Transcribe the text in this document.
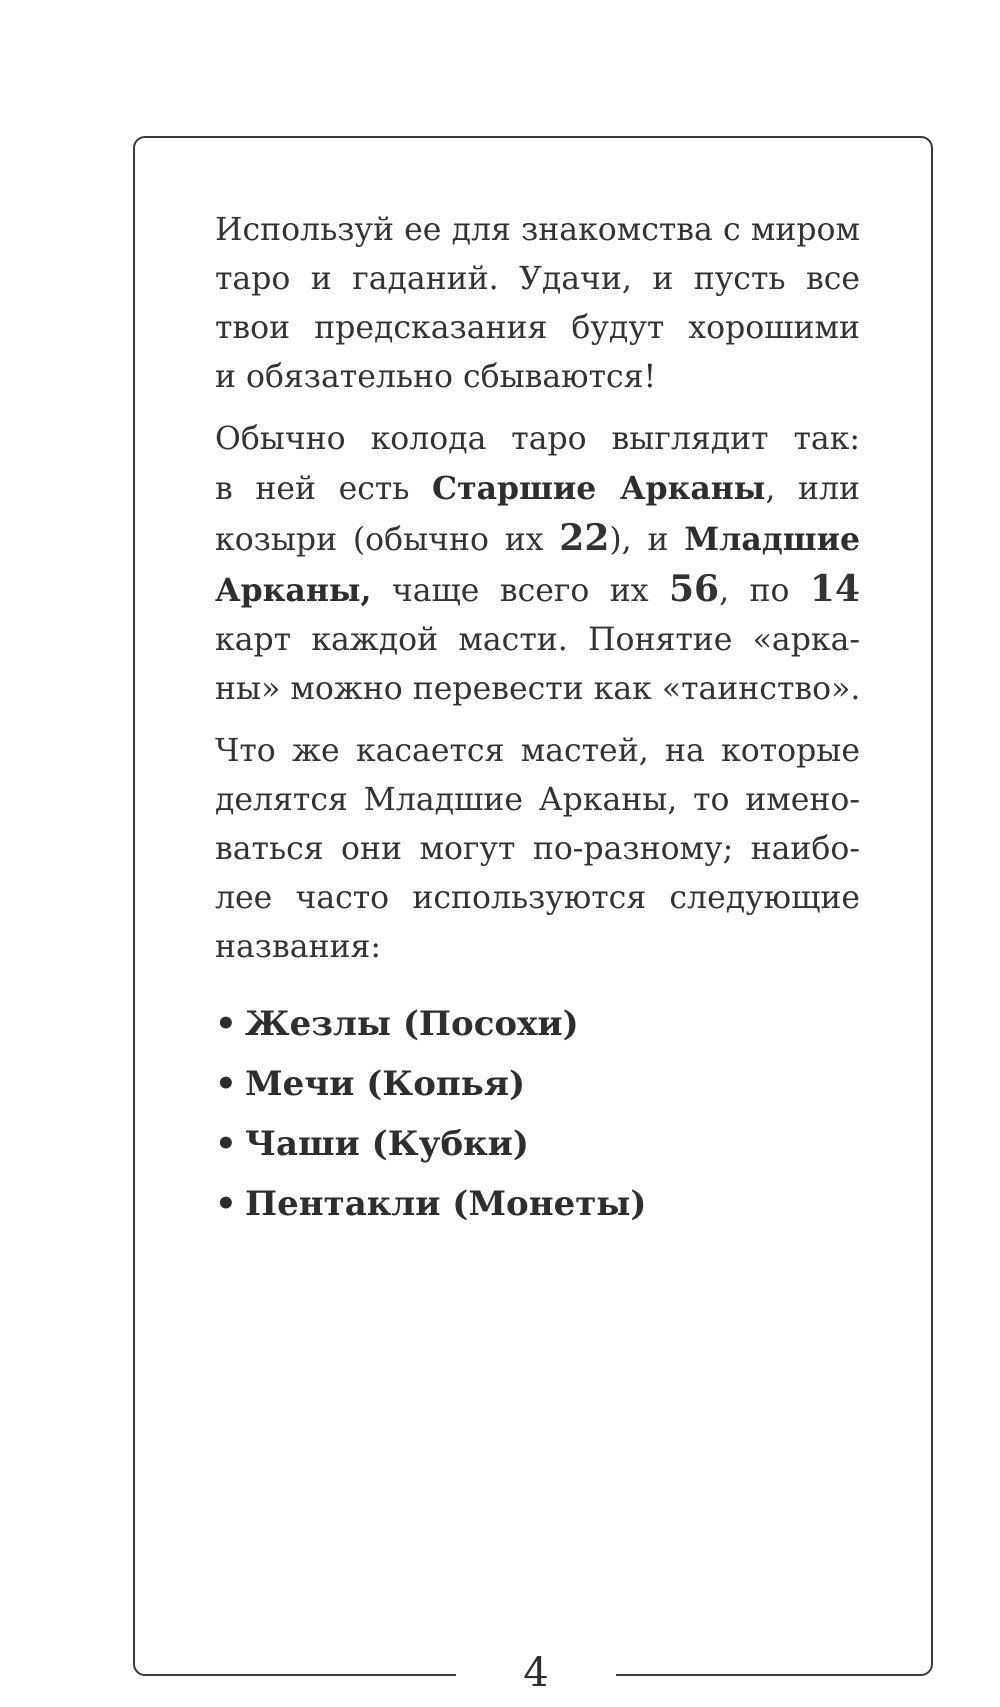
4
Используй ее для знакомства с миром
таро и гаданий. Удачи, и пусть все
твои предсказания будут хорошими
и обязательно сбываются!
Обычно колода таро выглядит так:
в ней есть Старшие Арканы, или
козыри (обычно их 22), и Младшие
Арканы, чаще всего их 56, по 14
карт каждой масти. Понятие «арка-
ны» можно перевести как «таинство».
Что же касается мастей, на которые
делятся Младшие Арканы, то имено-
ваться они могут по-разному; наибо-
лее часто используются следующие
названия:
• Жезлы (Посохи)
• Мечи (Копья)
• Чаши (Кубки)
• Пентакли (Монеты)
